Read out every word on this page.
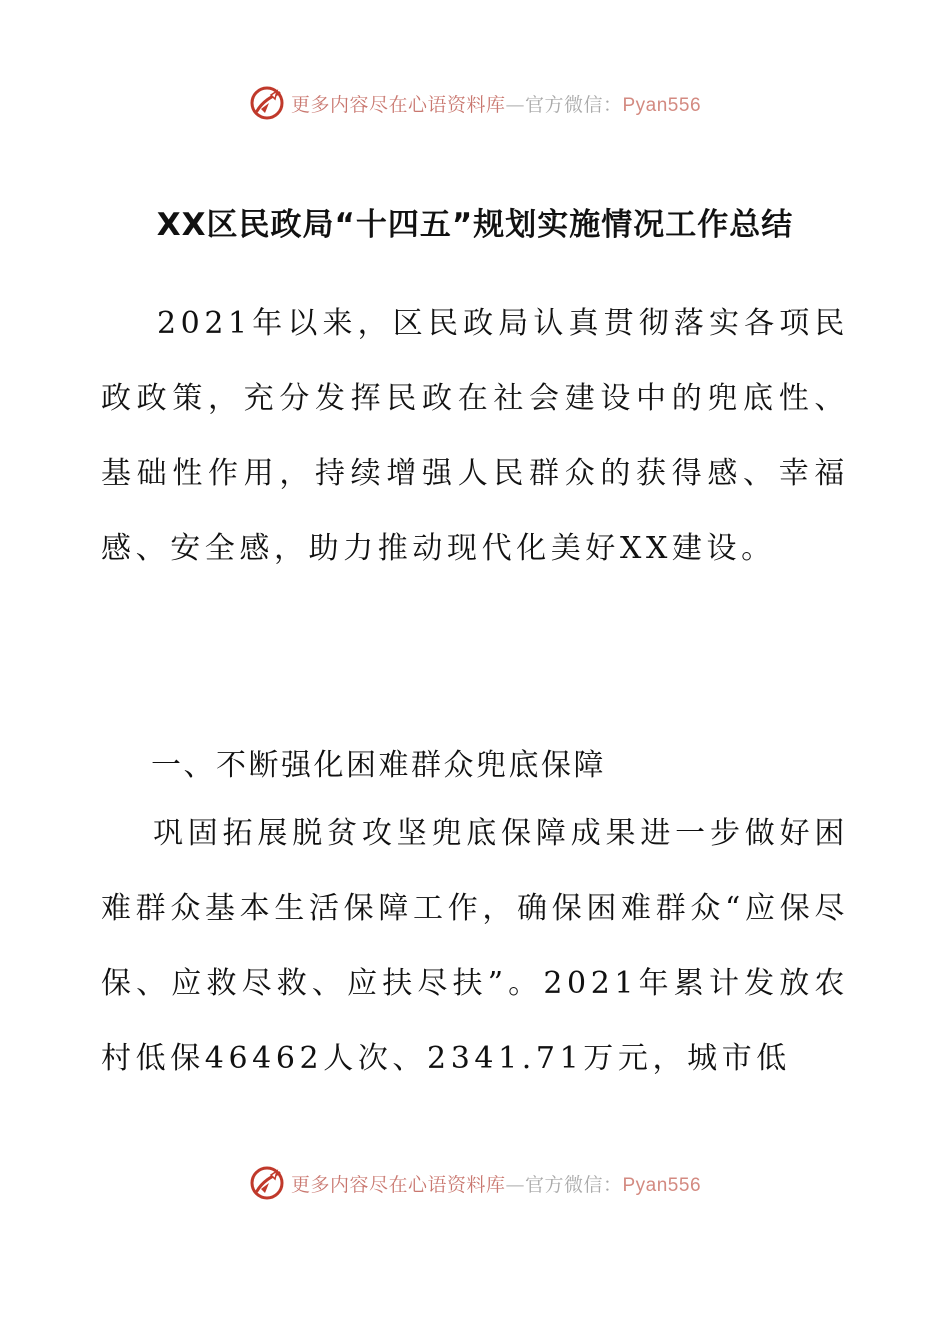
更多内容尽在心语资料库—官方微信：Pyan556
XX区民政局“十四五”规划实施情况工作总结

2021年以来，区民政局认真贯彻落实各项民政政策，充分发挥民政在社会建设中的兜底性、基础性作用，持续增强人民群众的获得感、幸福感、安全感，助力推动现代化美好XX建设。

一、不断强化困难群众兜底保障

巩固拓展脱贫攻坚兜底保障成果进一步做好困难群众基本生活保障工作，确保困难群众“应保尽保、应救尽救、应扶尽扶”。2021年累计发放农村低保46462人次、2341.71万元，城市低

更多内容尽在心语资料库—官方微信：Pyan556
